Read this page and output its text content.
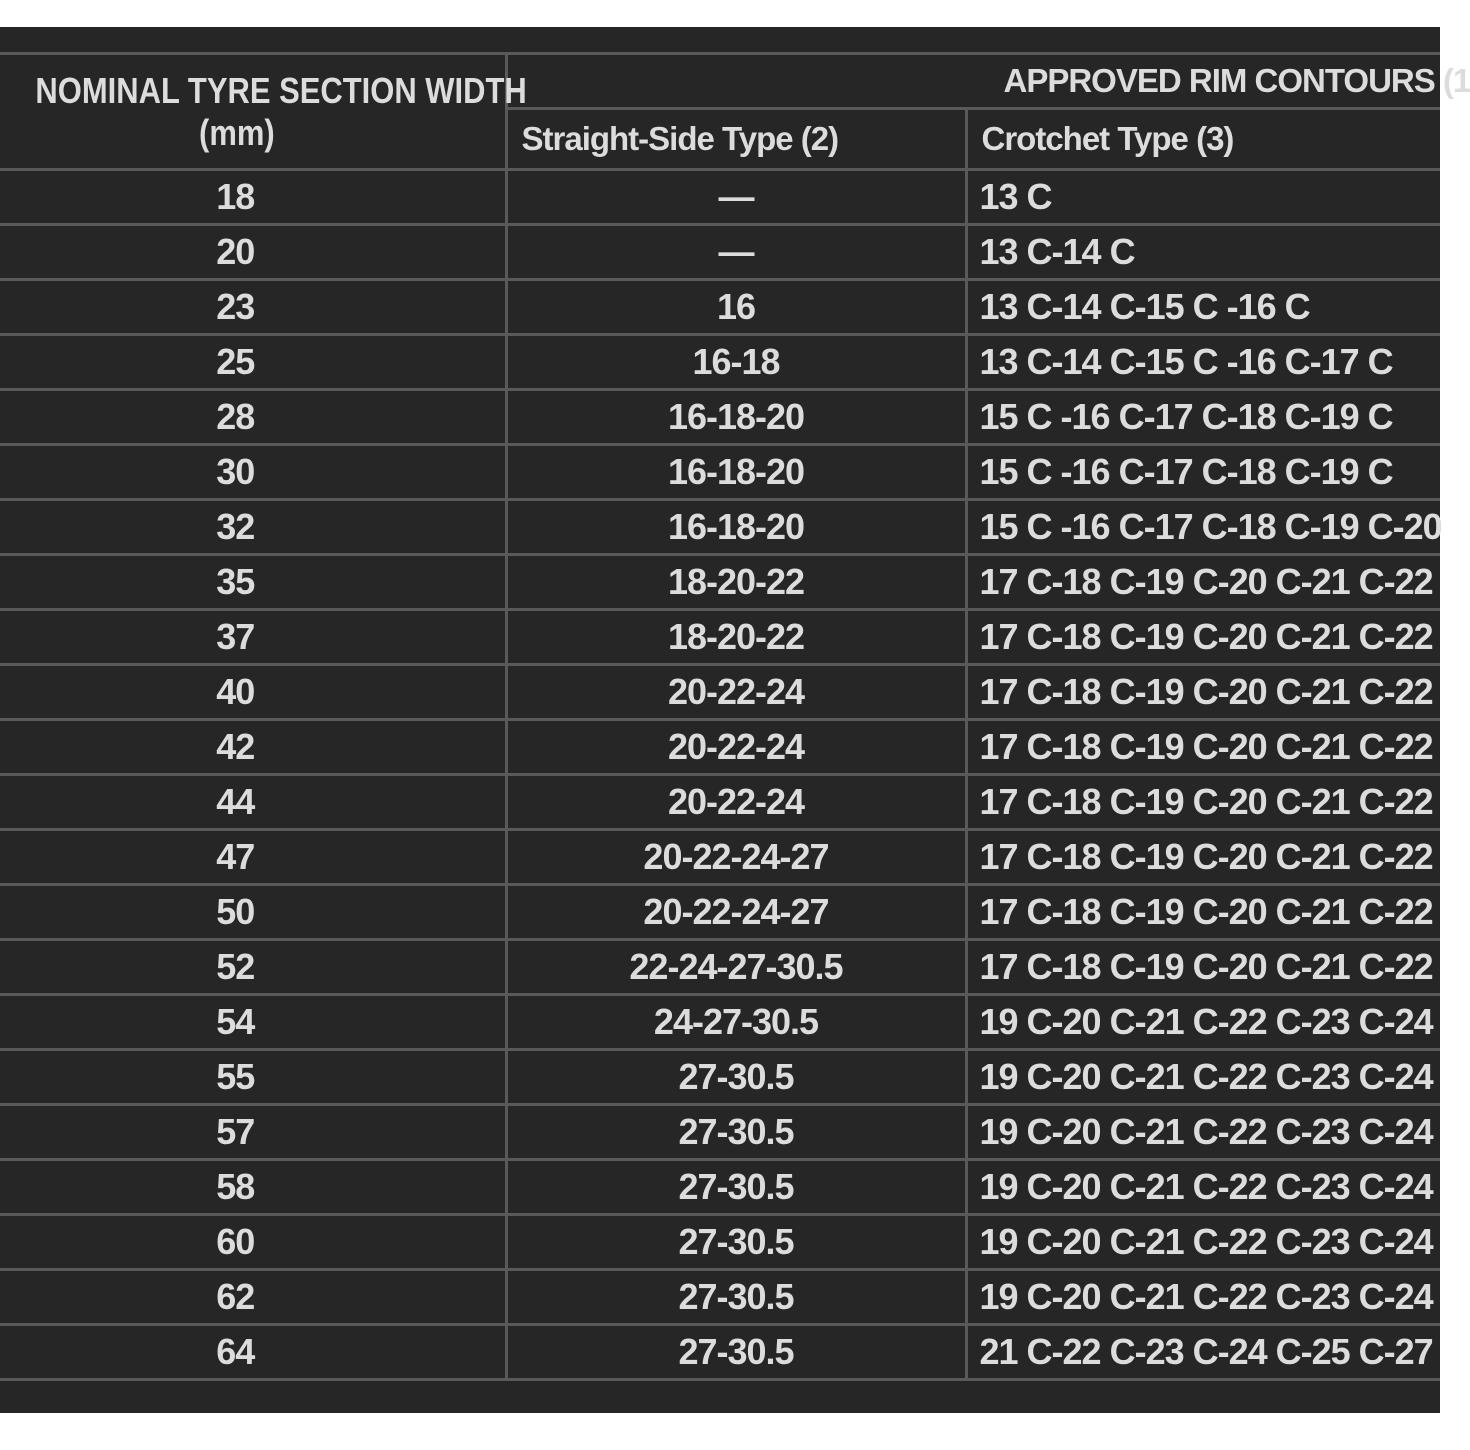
NOMINAL TYRE SECTION WIDTH
(mm)	APPROVED RIM CONTOURS (1	
	Straight-Side Type (2)	Crotchet Type (3)
18	—	13 C
20	—	13 C-14 C
23	16	13 C-14 C-15 C -16 C
25	16-18	13 C-14 C-15 C -16 C-17 C
28	16-18-20	15 C -16 C-17 C-18 C-19 C
30	16-18-20	15 C -16 C-17 C-18 C-19 C
32	16-18-20	15 C -16 C-17 C-18 C-19 C-20
35	18-20-22	17 C-18 C-19 C-20 C-21 C-22
37	18-20-22	17 C-18 C-19 C-20 C-21 C-22
40	20-22-24	17 C-18 C-19 C-20 C-21 C-22
42	20-22-24	17 C-18 C-19 C-20 C-21 C-22
44	20-22-24	17 C-18 C-19 C-20 C-21 C-22
47	20-22-24-27	17 C-18 C-19 C-20 C-21 C-22
50	20-22-24-27	17 C-18 C-19 C-20 C-21 C-22
52	22-24-27-30.5	17 C-18 C-19 C-20 C-21 C-22
54	24-27-30.5	19 C-20 C-21 C-22 C-23 C-24
55	27-30.5	19 C-20 C-21 C-22 C-23 C-24
57	27-30.5	19 C-20 C-21 C-22 C-23 C-24
58	27-30.5	19 C-20 C-21 C-22 C-23 C-24
60	27-30.5	19 C-20 C-21 C-22 C-23 C-24
62	27-30.5	19 C-20 C-21 C-22 C-23 C-24
64	27-30.5	21 C-22 C-23 C-24 C-25 C-27
